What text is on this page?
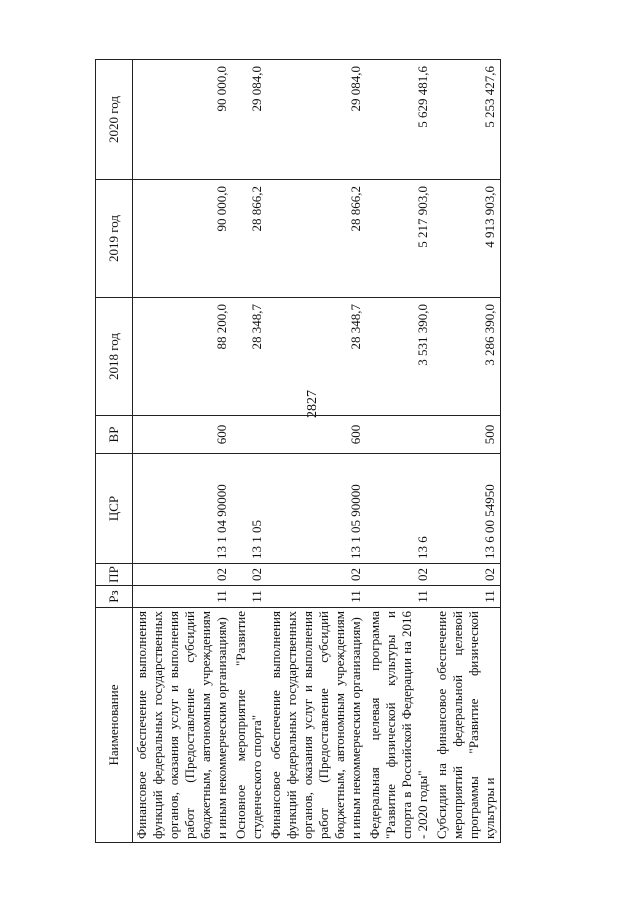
2827
Наименование	Рз	ПР	ЦСР	ВР	2018 год	2019 год	2020 год
Финансовое обеспечение выполнения функций федеральных государственных органов, оказания услуг и выполнения работ (Предоставление субсидий бюджетным, автономным учреждениям и иным некоммерческим организациям)	11	02	13 1 04 90000	600	88 200,0	90 000,0	90 000,0
Основное мероприятие "Развитие студенческого спорта"	11	02	13 1 05		28 348,7	28 866,2	29 084,0
Финансовое обеспечение выполнения функций федеральных государственных органов, оказания услуг и выполнения работ (Предоставление субсидий бюджетным, автономным учреждениям и иным некоммерческим организациям)	11	02	13 1 05 90000	600	28 348,7	28 866,2	29 084,0
Федеральная целевая программа "Развитие физической культуры и спорта в Российской Федерации на 2016 - 2020 годы"	11	02	13 6		3 531 390,0	5 217 903,0	5 629 481,6
Субсидии на финансовое обеспечение мероприятий федеральной целевой программы "Развитие физической культуры и	11	02	13 6 00 54950	500	3 286 390,0	4 913 903,0	5 253 427,6
